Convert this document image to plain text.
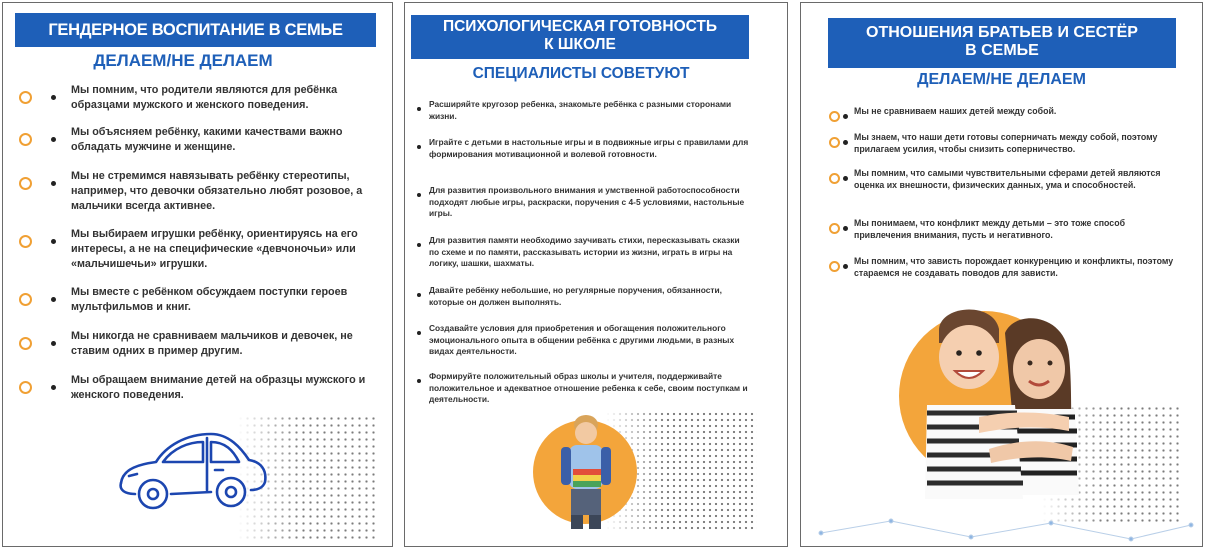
ГЕНДЕРНОЕ ВОСПИТАНИЕ В СЕМЬЕ
ДЕЛАЕМ/НЕ ДЕЛАЕМ
Мы помним, что родители являются для ребёнка образцами мужского и женского поведения.
Мы объясняем ребёнку, какими качествами важно обладать мужчине и женщине.
Мы не стремимся навязывать ребёнку стереотипы, например, что девочки обязательно любят розовое, а мальчики всегда активнее.
Мы выбираем игрушки ребёнку, ориентируясь на его интересы, а не на специфические «девчоночьи» или «мальчишечьи» игрушки.
Мы вместе с ребёнком обсуждаем поступки героев мультфильмов и книг.
Мы никогда не сравниваем мальчиков и девочек, не ставим одних в пример другим.
Мы обращаем внимание детей на образцы мужского и женского поведения.
ПСИХОЛОГИЧЕСКАЯ ГОТОВНОСТЬ
К ШКОЛЕ
СПЕЦИАЛИСТЫ СОВЕТУЮТ
Расширяйте кругозор ребенка, знакомьте ребёнка с разными сторонами жизни.
Играйте с детьми в настольные игры и в подвижные игры с правилами для формирования мотивационной и волевой готовности.
Для развития произвольного внимания и умственной работоспособности подходят любые игры, раскраски, поручения с 4-5 условиями, настольные игры.
Для развития памяти необходимо заучивать стихи, пересказывать сказки по схеме и по памяти, рассказывать истории из жизни, играть в игры на логику, шашки, шахматы.
Давайте ребёнку небольшие, но регулярные поручения, обязанности, которые он должен выполнять.
Создавайте условия для приобретения и обогащения положительного эмоционального опыта в общении ребёнка с другими людьми, в разных видах деятельности.
Формируйте положительный образ школы и учителя, поддерживайте положительное и адекватное отношение ребенка к себе, своим поступкам и деятельности.
ОТНОШЕНИЯ БРАТЬЕВ И СЕСТЁР
В СЕМЬЕ
ДЕЛАЕМ/НЕ ДЕЛАЕМ
Мы не сравниваем наших детей между собой.
Мы знаем, что наши дети готовы соперничать между собой, поэтому прилагаем усилия, чтобы снизить соперничество.
Мы помним, что самыми чувствительными сферами детей являются оценка их внешности, физических данных, ума и способностей.
Мы понимаем, что конфликт между детьми – это тоже способ привлечения внимания, пусть и негативного.
Мы помним, что зависть порождает конкуренцию и конфликты, поэтому стараемся не создавать поводов для зависти.
